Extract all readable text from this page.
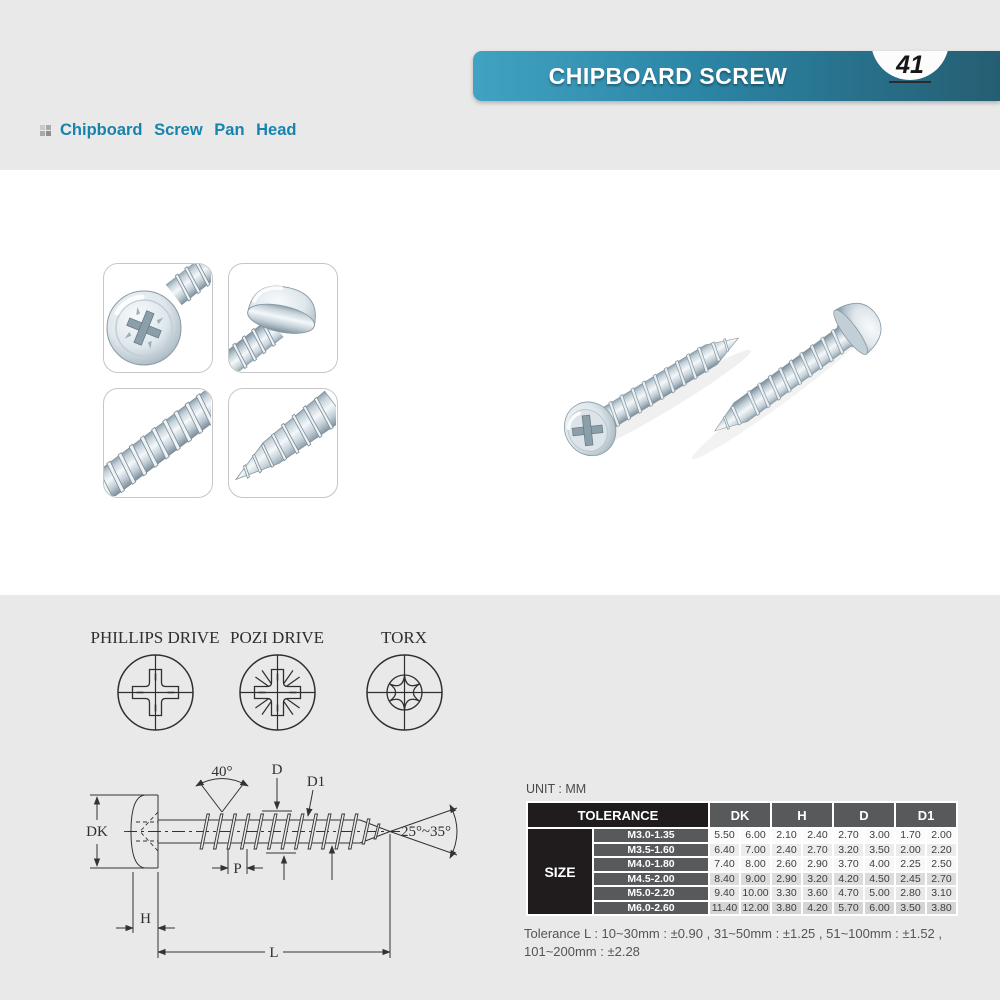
CHIPBOARD SCREW	41
Chipboard Screw Pan Head
PHILLIPS DRIVE POZI DRIVE	TORX
40°	D
D1
DK
P
H
L
25°~35°
UNIT : MM
TOLERANCE	DK	H	D	D1
SIZE
M3.0-1.35	5.50	6.00	2.10	2.40	2.70	3.00	1.70	2.00
M3.5-1.60	6.40	7.00	2.40	2.70	3.20	3.50	2.00	2.20
M4.0-1.80	7.40	8.00	2.60	2.90	3.70	4.00	2.25	2.50
M4.5-2.00	8.40	9.00	2.90	3.20	4.20	4.50	2.45	2.70
M5.0-2.20	9.40 10.00 3.30	3.60	4.70	5.00	2.80	3.10
M6.0-2.60	11.40 12.00 3.80	4.20	5.70	6.00	3.50	3.80
Tolerance L : 10~30mm : ±0.90 , 31~50mm : ±1.25 , 51~100mm : ±1.52 ,
101~200mm : ±2.28
